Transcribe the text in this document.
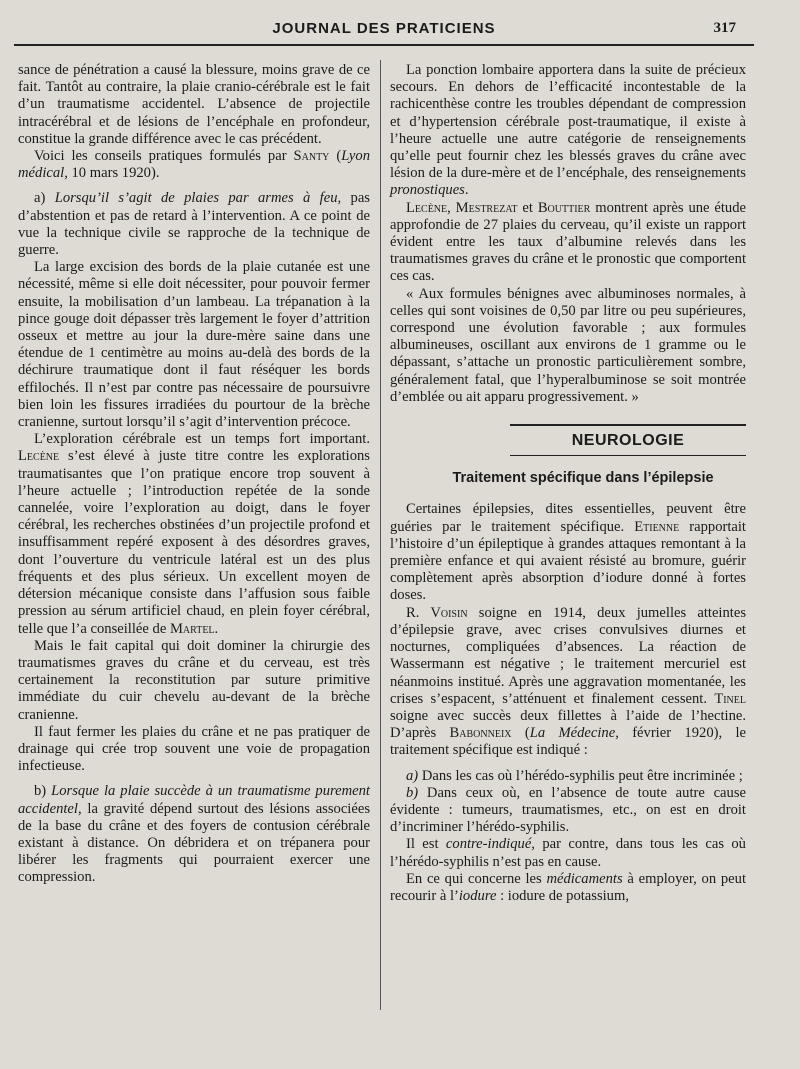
JOURNAL DES PRATICIENS	317

sance de pénétration a causé la blessure, moins grave de ce fait. Tantôt au contraire, la plaie cranio-cérébrale est le fait d’un traumatisme accidentel. L’absence de projectile intracérébral et de lésions de l’encéphale en profondeur, constitue la grande différence avec le cas précédent.

Voici les conseils pratiques formulés par Santy (Lyon médical, 10 mars 1920).

a) Lorsqu’il s’agit de plaies par armes à feu, pas d’abstention et pas de retard à l’intervention. A ce point de vue la technique civile se rapproche de la technique de guerre.

La large excision des bords de la plaie cutanée est une nécessité, même si elle doit nécessiter, pour pouvoir fermer ensuite, la mobilisation d’un lambeau. La trépanation à la pince gouge doit dépasser très largement le foyer d’attrition osseux et mettre au jour la dure-mère saine dans une étendue de 1 centimètre au moins au-delà des bords de la déchirure traumatique dont il faut réséquer les bords effilochés. Il n’est par contre pas nécessaire de poursuivre bien loin les fissures irradiées du pourtour de la brèche cranienne, surtout lorsqu’il s’agit d’intervention précoce.

L’exploration cérébrale est un temps fort important. Lecène s’est élevé à juste titre contre les explorations traumatisantes que l’on pratique encore trop souvent à l’heure actuelle ; l’introduction repétée de la sonde cannelée, voire l’exploration au doigt, dans le foyer cérébral, les recherches obstinées d’un projectile profond et insuffisamment repéré exposent à des désordres graves, dont l’ouverture du ventricule latéral est un des plus fréquents et des plus sérieux. Un excellent moyen de détersion mécanique consiste dans l’affusion sous faible pression au sérum artificiel chaud, en plein foyer cérébral, telle que l’a conseillée de Martel.

Mais le fait capital qui doit dominer la chirurgie des traumatismes graves du crâne et du cerveau, est très certainement la reconstitution par suture primitive immédiate du cuir chevelu au-devant de la brèche cranienne.

Il faut fermer les plaies du crâne et ne pas pratiquer de drainage qui crée trop souvent une voie de propagation infectieuse.

b) Lorsque la plaie succède à un traumatisme purement accidentel, la gravité dépend surtout des lésions associées de la base du crâne et des foyers de contusion cérébrale existant à distance. On débridera et on trépanera pour libérer les fragments qui pourraient exercer une compression.

La ponction lombaire apportera dans la suite de précieux secours. En dehors de l’efficacité incontestable de la rachicenthèse contre les troubles dépendant de compression et d’hypertension cérébrale post-traumatique, il existe à l’heure actuelle une autre catégorie de renseignements qu’elle peut fournir chez les blessés graves du crâne avec lésion de la dure-mère et de l’encéphale, des renseignements pronostiques.

Lecène, Mestrezat et Bouttier montrent après une étude approfondie de 27 plaies du cerveau, qu’il existe un rapport évident entre les taux d’albumine relevés dans les traumatismes graves du crâne et le pronostic que comportent ces cas.

« Aux formules bénignes avec albuminoses normales, à celles qui sont voisines de 0,50 par litre ou peu supérieures, correspond une évolution favorable ; aux formules albumineuses, oscillant aux environs de 1 gramme ou le dépassant, s’attache un pronostic particulièrement sombre, généralement fatal, que l’hyperalbuminose se soit montrée d’emblée ou ait apparu progressivement. »

NEUROLOGIE
Traitement spécifique dans l’épilepsie

Certaines épilepsies, dites essentielles, peuvent être guéries par le traitement spécifique. Etienne rapportait l’histoire d’un épileptique à grandes attaques remontant à la première enfance et qui avaient résisté au bromure, guérir complètement après absorption d’iodure donné à fortes doses.

R. Voisin soigne en 1914, deux jumelles atteintes d’épilepsie grave, avec crises convulsives diurnes et nocturnes, compliquées d’absences. La réaction de Wassermann est négative ; le traitement mercuriel est néanmoins institué. Après une aggravation momentanée, les crises s’espacent, s’atténuent et finalement cessent. Tinel soigne avec succès deux fillettes à l’aide de l’hectine. D’après Babonneix (La Médecine, février 1920), le traitement spécifique est indiqué :

a) Dans les cas où l’hérédo-syphilis peut être incriminée ;

b) Dans ceux où, en l’absence de toute autre cause évidente : tumeurs, traumatismes, etc., on est en droit d’incriminer l’hérédo-syphilis.

Il est contre-indiqué, par contre, dans tous les cas où l’hérédo-syphilis n’est pas en cause.

En ce qui concerne les médicaments à employer, on peut recourir à l’iodure : iodure de potassium,
